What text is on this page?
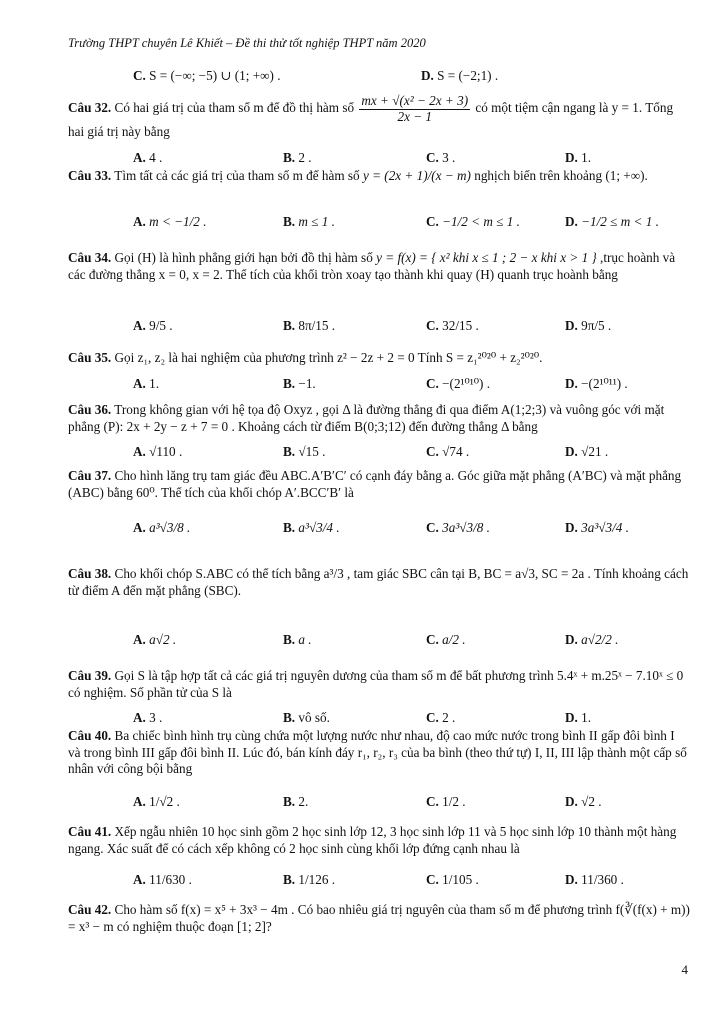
Trường THPT chuyên Lê Khiết – Đề thi thử tốt nghiệp THPT năm 2020
C. S = (−∞; −5) ∪ (1; +∞) .	D. S = (−2;1) .
Câu 32. Có hai giá trị của tham số m để đồ thị hàm số $\frac{\text{mx + √(x² − 2x + 3)}}{2x - 1}$ có một tiệm cận ngang là y = 1. Tổng hai giá trị này bằng
A. 4 .	B. 2 .	C. 3 .	D. 1.
Câu 33. Tìm tất cả các giá trị của tham số m để hàm số y = (2x + 1)/(x − m) nghịch biến trên khoảng (1; +∞).
A. m < −1/2 .	B. m ≤ 1 .	C. −1/2 < m ≤ 1 .	D. −1/2 ≤ m < 1 .
Câu 34. Gọi (H) là hình phẳng giới hạn bởi đồ thị hàm số y = f(x) = { x² khi x ≤ 1 ; 2 − x khi x > 1 } ,trục hoành và các đường thẳng x = 0, x = 2. Thể tích của khối tròn xoay tạo thành khi quay (H) quanh trục hoành bằng
A. 9/5 .	B. 8π/15 .	C. 32/15 .	D. 9π/5 .
Câu 35. Gọi z₁, z₂ là hai nghiệm của phương trình z² − 2z + 2 = 0 Tính S = z₁²⁰²⁰ + z₂²⁰²⁰.
A. 1.	B. −1.	C. −(2¹⁰¹⁰) .	D. −(2¹⁰¹¹) .
Câu 36. Trong không gian với hệ tọa độ Oxyz , gọi Δ là đường thẳng đi qua điểm A(1;2;3) và vuông góc với mặt phẳng (P): 2x + 2y − z + 7 = 0 . Khoảng cách từ điểm B(0;3;12) đến đường thẳng Δ bằng
A. √110 .	B. √15 .	C. √74 .	D. √21 .
Câu 37. Cho hình lăng trụ tam giác đều ABC.A′B′C′ có cạnh đáy bằng a. Góc giữa mặt phẳng (A′BC) và mặt phẳng (ABC) bằng 60⁰. Thể tích của khối chóp A′.BCC′B′ là
A. a³√3/8 .	B. a³√3/4 .	C. 3a³√3/8 .	D. 3a³√3/4 .
Câu 38. Cho khối chóp S.ABC có thể tích bằng a³/3 , tam giác SBC cân tại B, BC = a√3, SC = 2a . Tính khoảng cách từ điểm A đến mặt phẳng (SBC).
A. a√2 .	B. a .	C. a/2 .	D. a√2/2 .
Câu 39. Gọi S là tập hợp tất cả các giá trị nguyên dương của tham số m để bất phương trình 5.4ˣ + m.25ˣ − 7.10ˣ ≤ 0 có nghiệm. Số phần tử của S là
A. 3 .	B. vô số.	C. 2 .	D. 1.
Câu 40. Ba chiếc bình hình trụ cùng chứa một lượng nước như nhau, độ cao mức nước trong bình II gấp đôi bình I và trong bình III gấp đôi bình II. Lúc đó, bán kính đáy r₁, r₂, r₃ của ba bình (theo thứ tự) I, II, III lập thành một cấp số nhân với công bội bằng
A. 1/√2 .	B. 2.	C. 1/2 .	D. √2 .
Câu 41. Xếp ngẫu nhiên 10 học sinh gồm 2 học sinh lớp 12, 3 học sinh lớp 11 và 5 học sinh lớp 10 thành một hàng ngang. Xác suất để có cách xếp không có 2 học sinh cùng khối lớp đứng cạnh nhau là
A. 11/630 .	B. 1/126 .	C. 1/105 .	D. 11/360 .
Câu 42. Cho hàm số f(x) = x⁵ + 3x³ − 4m . Có bao nhiêu giá trị nguyên của tham số m để phương trình f(∛(f(x) + m)) = x³ − m có nghiệm thuộc đoạn [1; 2]?
4
